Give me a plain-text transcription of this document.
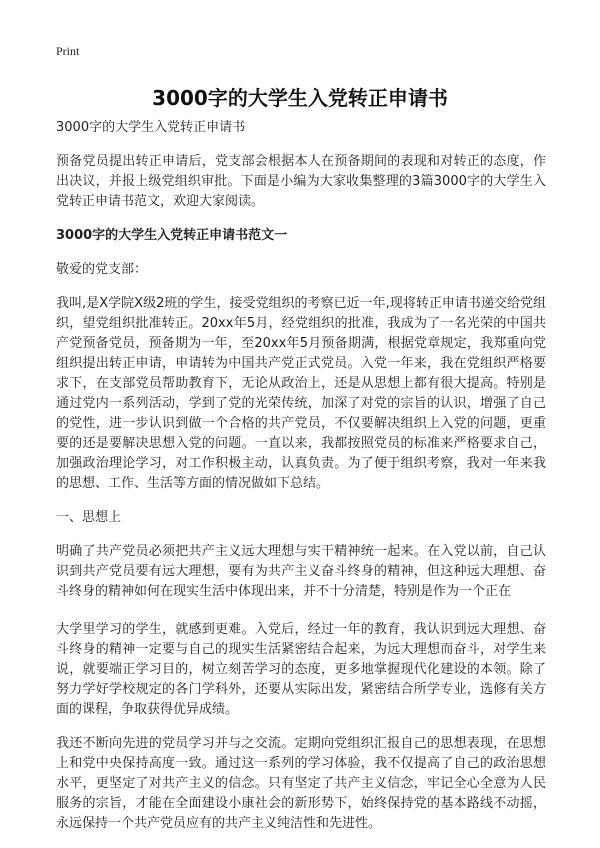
Print
3000字的大学生入党转正申请书

3000字的大学生入党转正申请书

预备党员提出转正申请后，党支部会根据本人在预备期间的表现和对转正的态度，作出决议，并报上级党组织审批。下面是小编为大家收集整理的3篇3000字的大学生入党转正申请书范文，欢迎大家阅读。

3000字的大学生入党转正申请书范文一

敬爱的党支部：

我叫,是X学院X级2班的学生，接受党组织的考察已近一年,现将转正申请书递交给党组织，望党组织批准转正。20xx年5月，经党组织的批准，我成为了一名光荣的中国共产党预备党员，预备期为一年，至20xx年5月预备期满，根据党章规定，我郑重向党组织提出转正申请，申请转为中国共产党正式党员。入党一年来，我在党组织严格要求下，在支部党员帮助教育下，无论从政治上，还是从思想上都有很大提高。特别是通过党内一系列活动，学到了党的光荣传统，加深了对党的宗旨的认识，增强了自己的党性，进一步认识到做一个合格的共产党员，不仅要解决组织上入党的问题，更重要的还是要解决思想入党的问题。一直以来，我都按照党员的标准来严格要求自己，加强政治理论学习，对工作积极主动，认真负责。为了便于组织考察，我对一年来我的思想、工作、生活等方面的情况做如下总结。

一、思想上

明确了共产党员必须把共产主义远大理想与实干精神统一起来。在入党以前，自己认识到共产党员要有远大理想，要有为共产主义奋斗终身的精神，但这种远大理想、奋斗终身的精神如何在现实生活中体现出来，并不十分清楚，特别是作为一个正在

大学里学习的学生，就感到更难。入党后，经过一年的教育，我认识到远大理想、奋斗终身的精神一定要与自己的现实生活紧密结合起来，为远大理想而奋斗，对学生来说，就要端正学习目的，树立刻苦学习的态度，更多地掌握现代化建设的本领。除了努力学好学校规定的各门学科外，还要从实际出发，紧密结合所学专业，选修有关方面的课程，争取获得优异成绩。

我还不断向先进的党员学习并与之交流。定期向党组织汇报自己的思想表现，在思想上和党中央保持高度一致。通过这一系列的学习体验，我不仅提高了自己的政治思想水平，更坚定了对共产主义的信念。只有坚定了共产主义信念，牢记全心全意为人民服务的宗旨，才能在全面建设小康社会的新形势下，始终保持党的基本路线不动摇，永远保持一个共产党员应有的共产主义纯洁性和先进性。
